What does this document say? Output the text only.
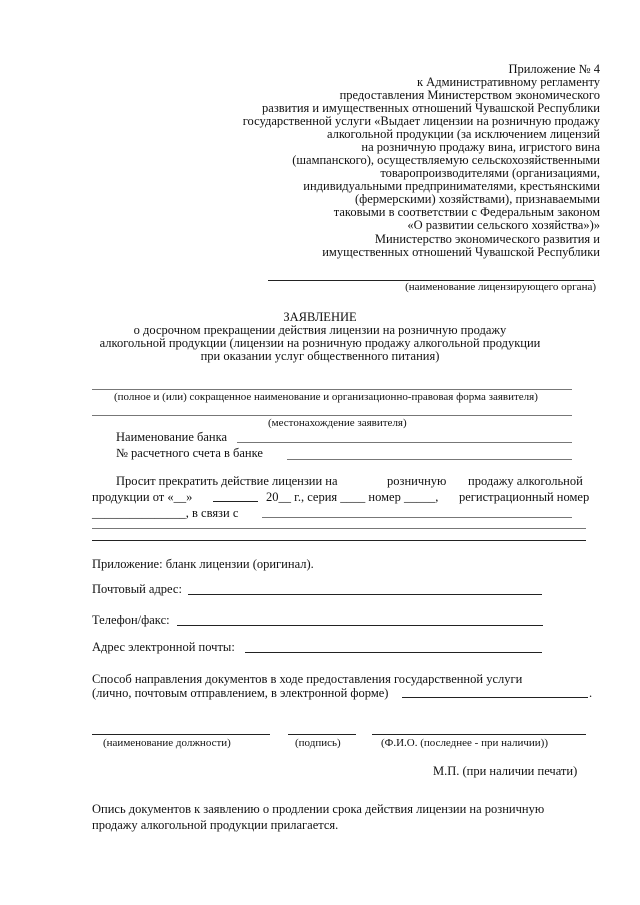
Приложение № 4
к Административному регламенту
предоставления Министерством экономического
развития и имущественных отношений Чувашской Республики
государственной услуги «Выдает лицензии на розничную продажу
алкогольной продукции (за исключением лицензий
на розничную продажу вина, игристого вина
(шампанского), осуществляемую сельскохозяйственными
товаропроизводителями (организациями,
индивидуальными предпринимателями, крестьянскими
(фермерскими) хозяйствами), признаваемыми
таковыми в соответствии с Федеральным законом
«О развитии сельского хозяйства»)»
Министерство экономического развития и
имущественных отношений Чувашской Республики
(наименование лицензирующего органа)
ЗАЯВЛЕНИЕ
о досрочном прекращении действия лицензии на розничную продажу
алкогольной продукции (лицензии на розничную продажу алкогольной продукции
при оказании услуг общественного питания)
(полное и (или) сокращенное наименование и организационно-правовая форма заявителя)
(местонахождение заявителя)
Наименование банка
№ расчетного счета в банке
Просит прекратить действие лицензии на	розничную продажу алкогольной
продукции от «__»	20__ г., серия ____ номер _____, регистрационный номер
_______________, в связи с
Приложение: бланк лицензии (оригинал).
Почтовый адрес:
Телефон/факс:
Адрес электронной почты:
Способ направления документов в ходе предоставления государственной услуги
(лично, почтовым отправлением, в электронной форме)	.
(наименование должности)	(подпись)	(Ф.И.О. (последнее - при наличии))
М.П. (при наличии печати)
Опись документов к заявлению о продлении срока действия лицензии на розничную
продажу алкогольной продукции прилагается.
